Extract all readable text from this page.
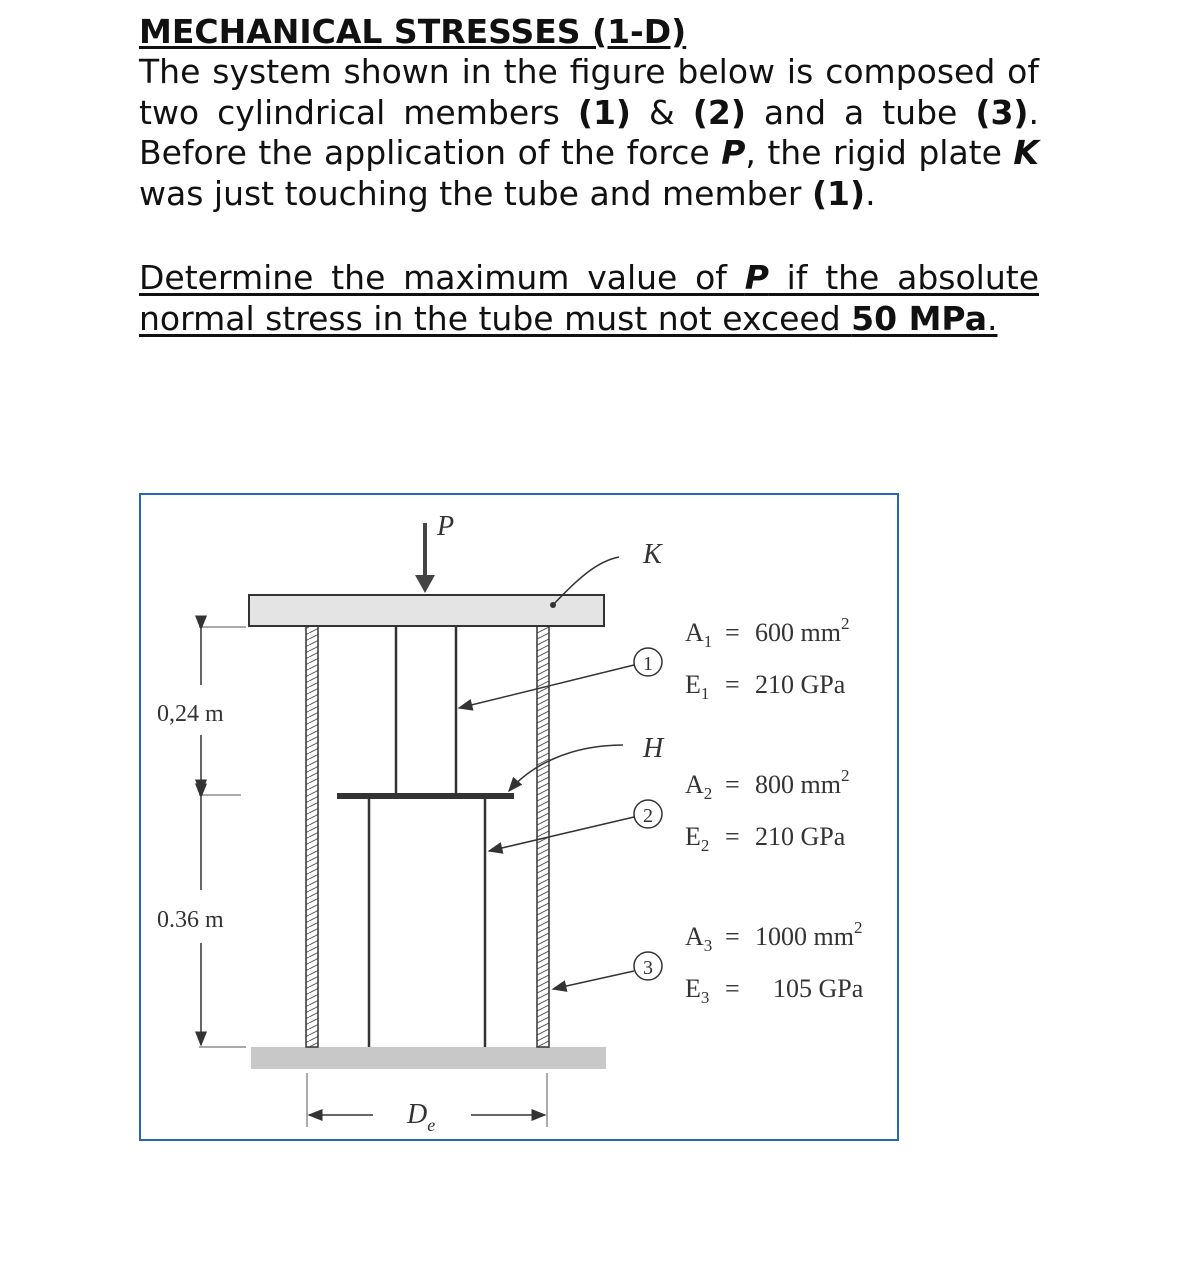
MECHANICAL STRESSES (1-D)

The system shown in the figure below is composed of two cylindrical members (1) & (2) and a tube (3). Before the application of the force P, the rigid plate K was just touching the tube and member (1).

Determine the maximum value of P if the absolute normal stress in the tube must not exceed 50 MPa.

P
K
H
1
2
3
$A_1 = 600$ $mm^2$
$E_1 = 210$ GPa
$A_2 = 800$ $mm^2$
$E_2 = 210$ GPa
$A_3 = 1000$ $mm^2$
$E_3 = 105$ GPa
0,24 m
0.36 m
$D_e$
